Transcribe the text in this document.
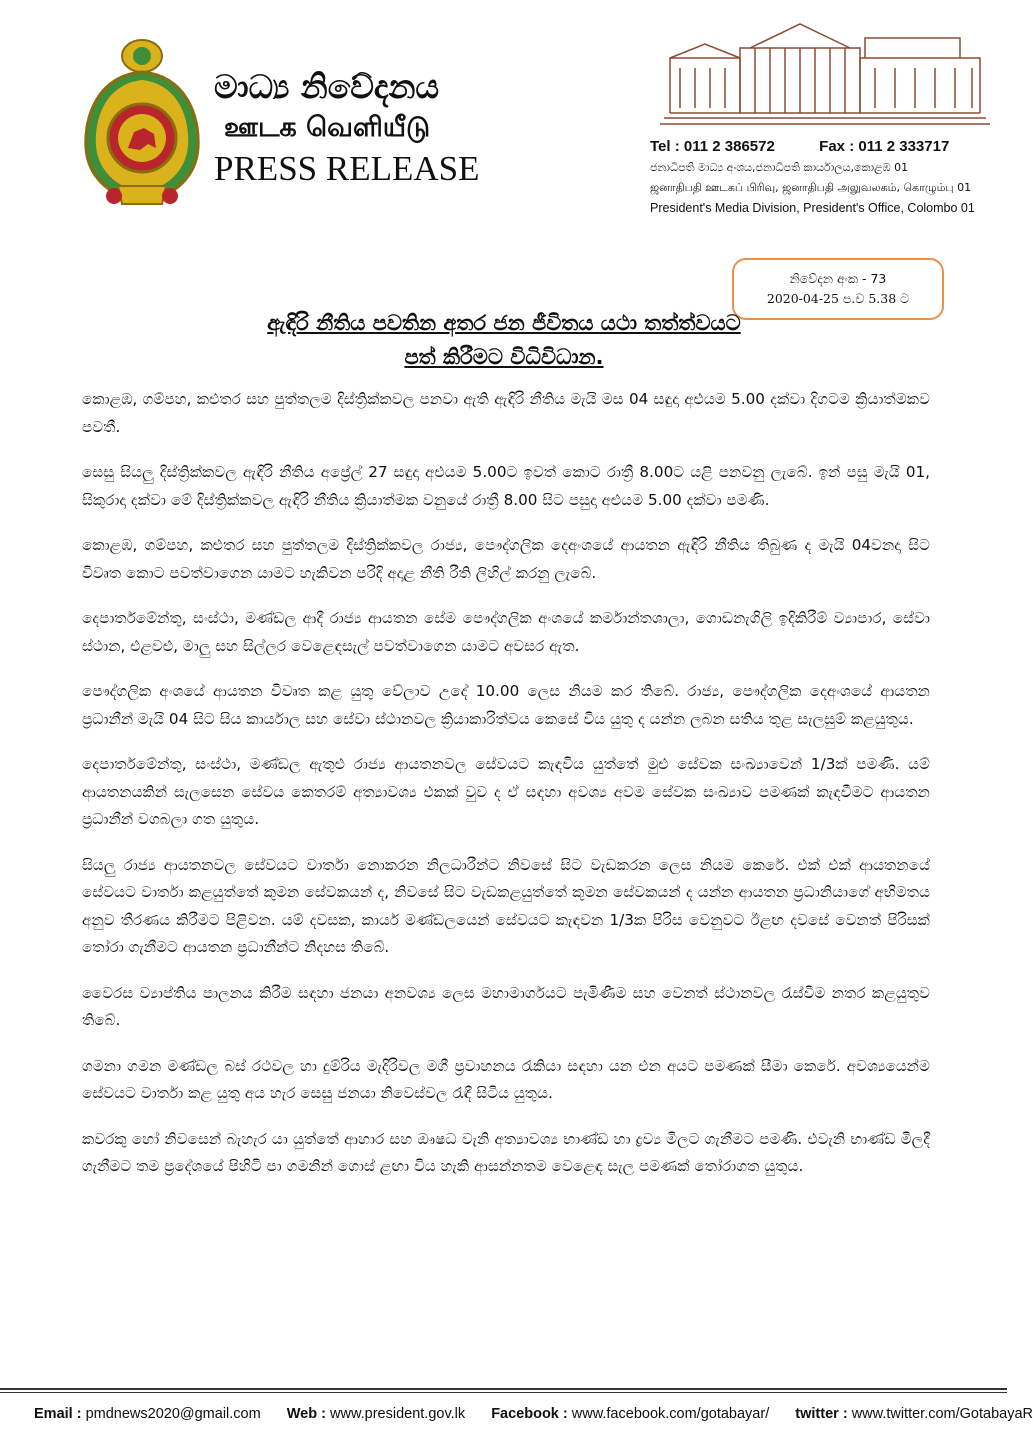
මාධ්‍ය නිවේදනය
ஊடக வெளியீடு
PRESS RELEASE
Tel : 011 2 386572	Fax : 011 2 333717
ජනාධිපති මාධ්‍ය අංශය,ජනාධිපති කාර්යාලය,කොළඹ 01
ஜனாதிபதி ஊடகப் பிரிவு, ஜனாதிபதி அலுவலகம், கொழும்பு 01
President's Media Division, President's Office, Colombo 01
නිවේදන අංක - 73
2020-04-25 ප.ව 5.38 ට
ඇඳිරි නීතිය පවතින අතර ජන ජීවිතය යථා තත්ත්වයට
පත් කිරීමට විධිවිධාන.

කොළඹ, ගම්පහ, කළුතර සහ පුත්තලම දිස්ත්‍රික්කවල පනවා ඇති ඇඳිරි නීතිය මැයි මස 04 සඳුදා අළුයම 5.00 දක්වා දිගටම ක්‍රියාත්මකව පවතී.

සෙසු සියලු දිස්ත්‍රික්කවල ඇඳිරි නීතිය අප්‍රේල් 27 සඳුදා අළුයම 5.00ට ඉවත් කොට රාත්‍රී 8.00ට යළි පනවනු ලැබේ. ඉන් පසු මැයි 01, සිකුරාදා දක්වා මේ දිස්ත්‍රික්කවල ඇඳිරි නීතිය ක්‍රියාත්මක වනුයේ රාත්‍රී 8.00 සිට පසුදා අළුයම 5.00 දක්වා පමණි.

කොළඹ, ගම්පහ, කළුතර සහ පුත්තලම දිස්ත්‍රික්කවල රාජ්‍ය, පෞද්ගලික දෙඅංශයේ ආයතන ඇඳිරි නීතිය තිබුණ ද මැයි 04වනදා සිට විවෘත කොට පවත්වාගෙන යාමට හැකිවන පරිදි අදාළ නීති රීති ලිහිල් කරනු ලැබේ.

දෙපාර්තමේන්තු, සංස්ථා, මණ්ඩල ආදී රාජ්‍ය ආයතන සේම පෞද්ගලික අංශයේ කර්මාන්තශාලා, ගොඩනැගිලි ඉදිකිරීම් ව්‍යාපාර, සේවා ස්ථාන, එළවළු, මාලු සහ සිල්ලර වෙළෙඳසැල් පවත්වාගෙන යාමට අවසර ඇත.

පෞද්ගලික අංශයේ ආයතන විවෘත කළ යුතු වේලාව උදේ 10.00 ලෙස නියම කර තිබේ. රාජ්‍ය, පෞද්ගලික දෙඅංශයේ ආයතන ප්‍රධානීන් මැයි 04 සිට සිය කාර්යාල සහ සේවා ස්ථානවල ක්‍රියාකාරිත්වය කෙසේ විය යුතු ද යන්න ලබන සතිය තුළ සැලසුම් කළයුතුය.

දෙපාර්තමේන්තු, සංස්ථා, මණ්ඩල ඇතුළු රාජ්‍ය ආයතනවල සේවයට කැඳවිය යුත්තේ මුළු සේවක සංඛ්‍යාවෙන් 1/3ක් පමණි. යම් ආයතනයකින් සැලසෙන සේවය කෙතරම් අත්‍යාවශ්‍ය එකක් වුව ද ඒ සඳහා අවශ්‍ය අවම සේවක සංඛ්‍යාව පමණක් කැඳවීමට ආයතන ප්‍රධානීන් වගබලා ගත යුතුය.

සියලු රාජ්‍ය ආයතනවල සේවයට වාර්තා නොකරන නිලධාරීන්ට නිවසේ සිට වැඩකරන ලෙස නියම කෙරේ. එක් එක් ආයතනයේ සේවයට වාර්තා කළයුත්තේ කුමන සේවකයන් ද, නිවසේ සිට වැඩකළයුත්තේ කුමන සේවකයන් ද යන්න ආයතන ප්‍රධානියාගේ අභිමතය අනුව තීරණය කිරීමට පිළිවන. යම් දවසක, කාර්ය මණ්ඩලයෙන් සේවයට කැඳවන 1/3ක පිරිස වෙනුවට ඊළඟ දවසේ වෙනත් පිරිසක් තෝරා ගැනීමට ආයතන ප්‍රධානීන්ට නිදහස තිබේ.

වෛරස ව්‍යාප්තිය පාලනය කිරීම සඳහා ජනයා අනවශ්‍ය ලෙස මහාමාර්ගයට පැමිණීම සහ වෙනත් ස්ථානවල රැස්වීම නතර කළයුතුව තිබේ.

ගමනා ගමන මණ්ඩල බස් රථවල හා දුම්රිය මැදිරිවල මගී ප්‍රවාහනය රැකියා සඳහා යන එන අයට පමණක් සීමා කෙරේ. අවශ්‍යයෙන්ම සේවයට වාර්තා කළ යුතු අය හැර සෙසු ජනයා නිවෙස්වල රැඳී සිටිය යුතුය.

කවරකු හෝ නිවසෙන් බැහැර යා යුත්තේ ආහාර සහ ඖෂධ වැනි අත්‍යාවශ්‍ය භාණ්ඩ හා ද්‍රව්‍ය මිලට ගැනීමට පමණි. එවැනි භාණ්ඩ මිලදී ගැනීමට තම ප්‍රදේශයේ පිහිටි පා ගමනින් ගොස් ළඟා විය හැකි ආසන්නතම වෙළෙඳ සැල පමණක් තෝරාගත යුතුය.

Email : pmdnews2020@gmail.com Web : www.president.gov.lk Facebook : www.facebook.com/gotabayar/ twitter : www.twitter.com/GotabayaR
